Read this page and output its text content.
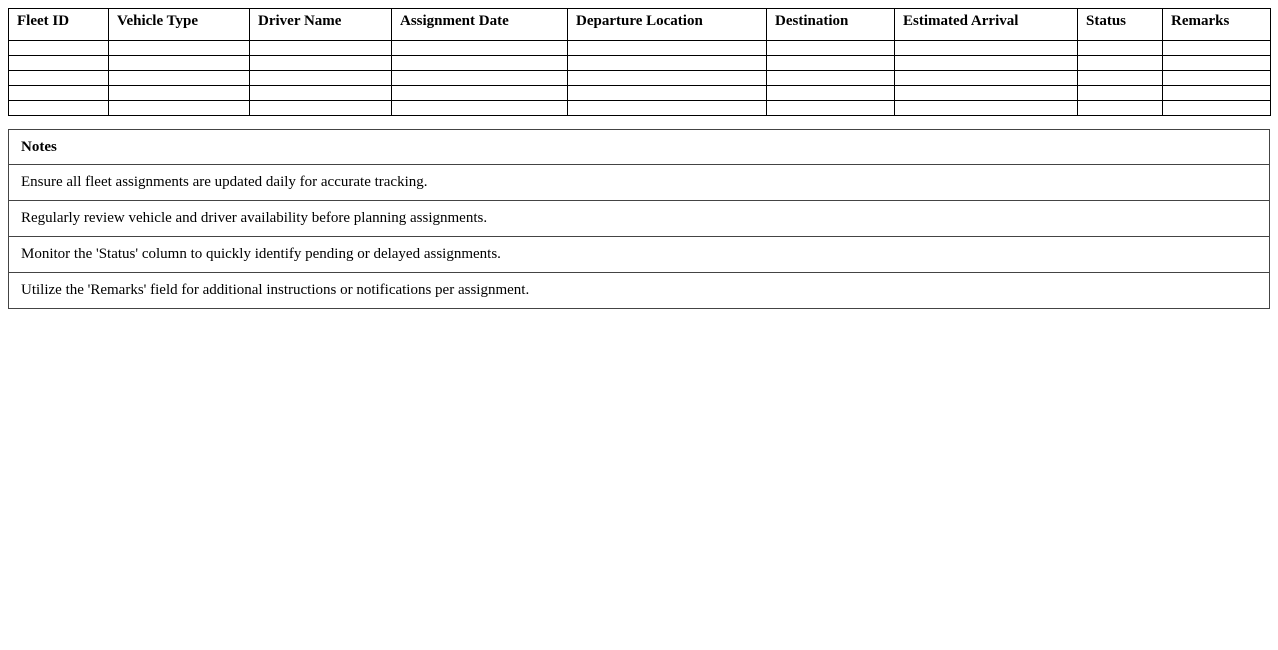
Fleet ID	Vehicle Type	Driver Name	Assignment Date	Departure Location	Destination	Estimated Arrival	Status	Remarks

Notes
Ensure all fleet assignments are updated daily for accurate tracking.
Regularly review vehicle and driver availability before planning assignments.
Monitor the 'Status' column to quickly identify pending or delayed assignments.
Utilize the 'Remarks' field for additional instructions or notifications per assignment.
